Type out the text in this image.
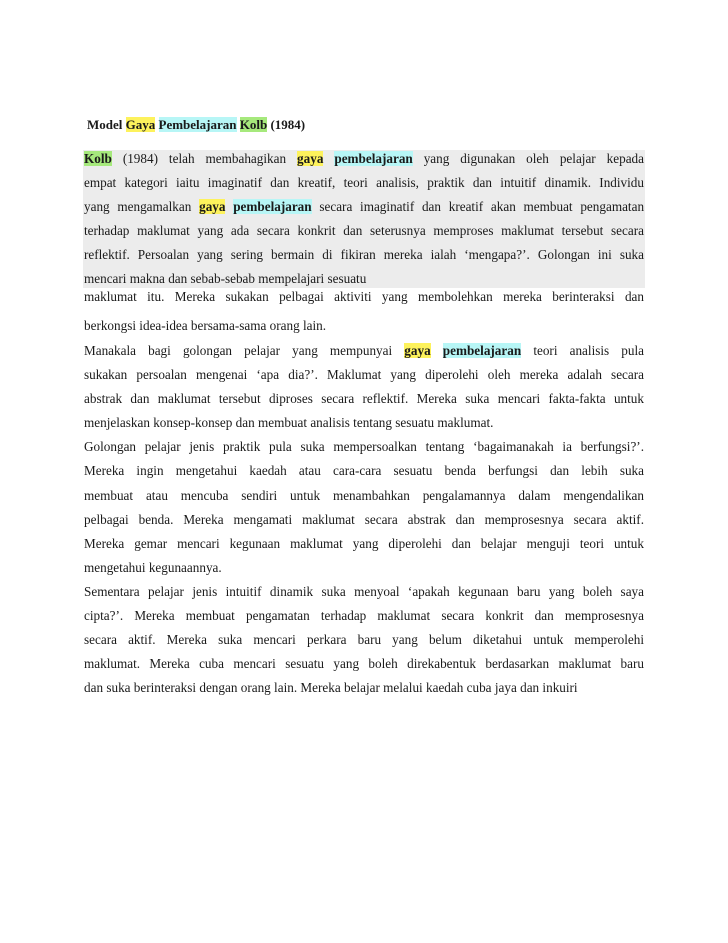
Model Gaya Pembelajaran Kolb (1984)
Kolb (1984) telah membahagikan gaya pembelajaran yang digunakan oleh pelajar kepada
empat kategori iaitu imaginatif dan kreatif, teori analisis, praktik dan intuitif dinamik. Individu
yang mengamalkan gaya pembelajaran secara imaginatif dan kreatif akan membuat pengamatan
terhadap maklumat yang ada secara konkrit dan seterusnya memproses maklumat tersebut secara
reflektif. Persoalan yang sering bermain di fikiran mereka ialah ‘mengapa?’. Golongan ini suka
mencari makna dan sebab-sebab mempelajari sesuatu
maklumat itu. Mereka sukakan pelbagai aktiviti yang membolehkan mereka berinteraksi dan
berkongsi idea-idea bersama-sama orang lain.
Manakala bagi golongan pelajar yang mempunyai gaya pembelajaran teori analisis pula
sukakan persoalan mengenai ‘apa dia?’. Maklumat yang diperolehi oleh mereka adalah secara
abstrak dan maklumat tersebut diproses secara reflektif. Mereka suka mencari fakta-fakta untuk
menjelaskan konsep-konsep dan membuat analisis tentang sesuatu maklumat.
Golongan pelajar jenis praktik pula suka mempersoalkan tentang ‘bagaimanakah ia berfungsi?’.
Mereka ingin mengetahui kaedah atau cara-cara sesuatu benda berfungsi dan lebih suka
membuat atau mencuba sendiri untuk menambahkan pengalamannya dalam mengendalikan
pelbagai benda. Mereka mengamati maklumat secara abstrak dan memprosesnya secara aktif.
Mereka gemar mencari kegunaan maklumat yang diperolehi dan belajar menguji teori untuk
mengetahui kegunaannya.
Sementara pelajar jenis intuitif dinamik suka menyoal ‘apakah kegunaan baru yang boleh saya
cipta?’. Mereka membuat pengamatan terhadap maklumat secara konkrit dan memprosesnya
secara aktif. Mereka suka mencari perkara baru yang belum diketahui untuk memperolehi
maklumat. Mereka cuba mencari sesuatu yang boleh direkabentuk berdasarkan maklumat baru
dan suka berinteraksi dengan orang lain. Mereka belajar melalui kaedah cuba jaya dan inkuiri
